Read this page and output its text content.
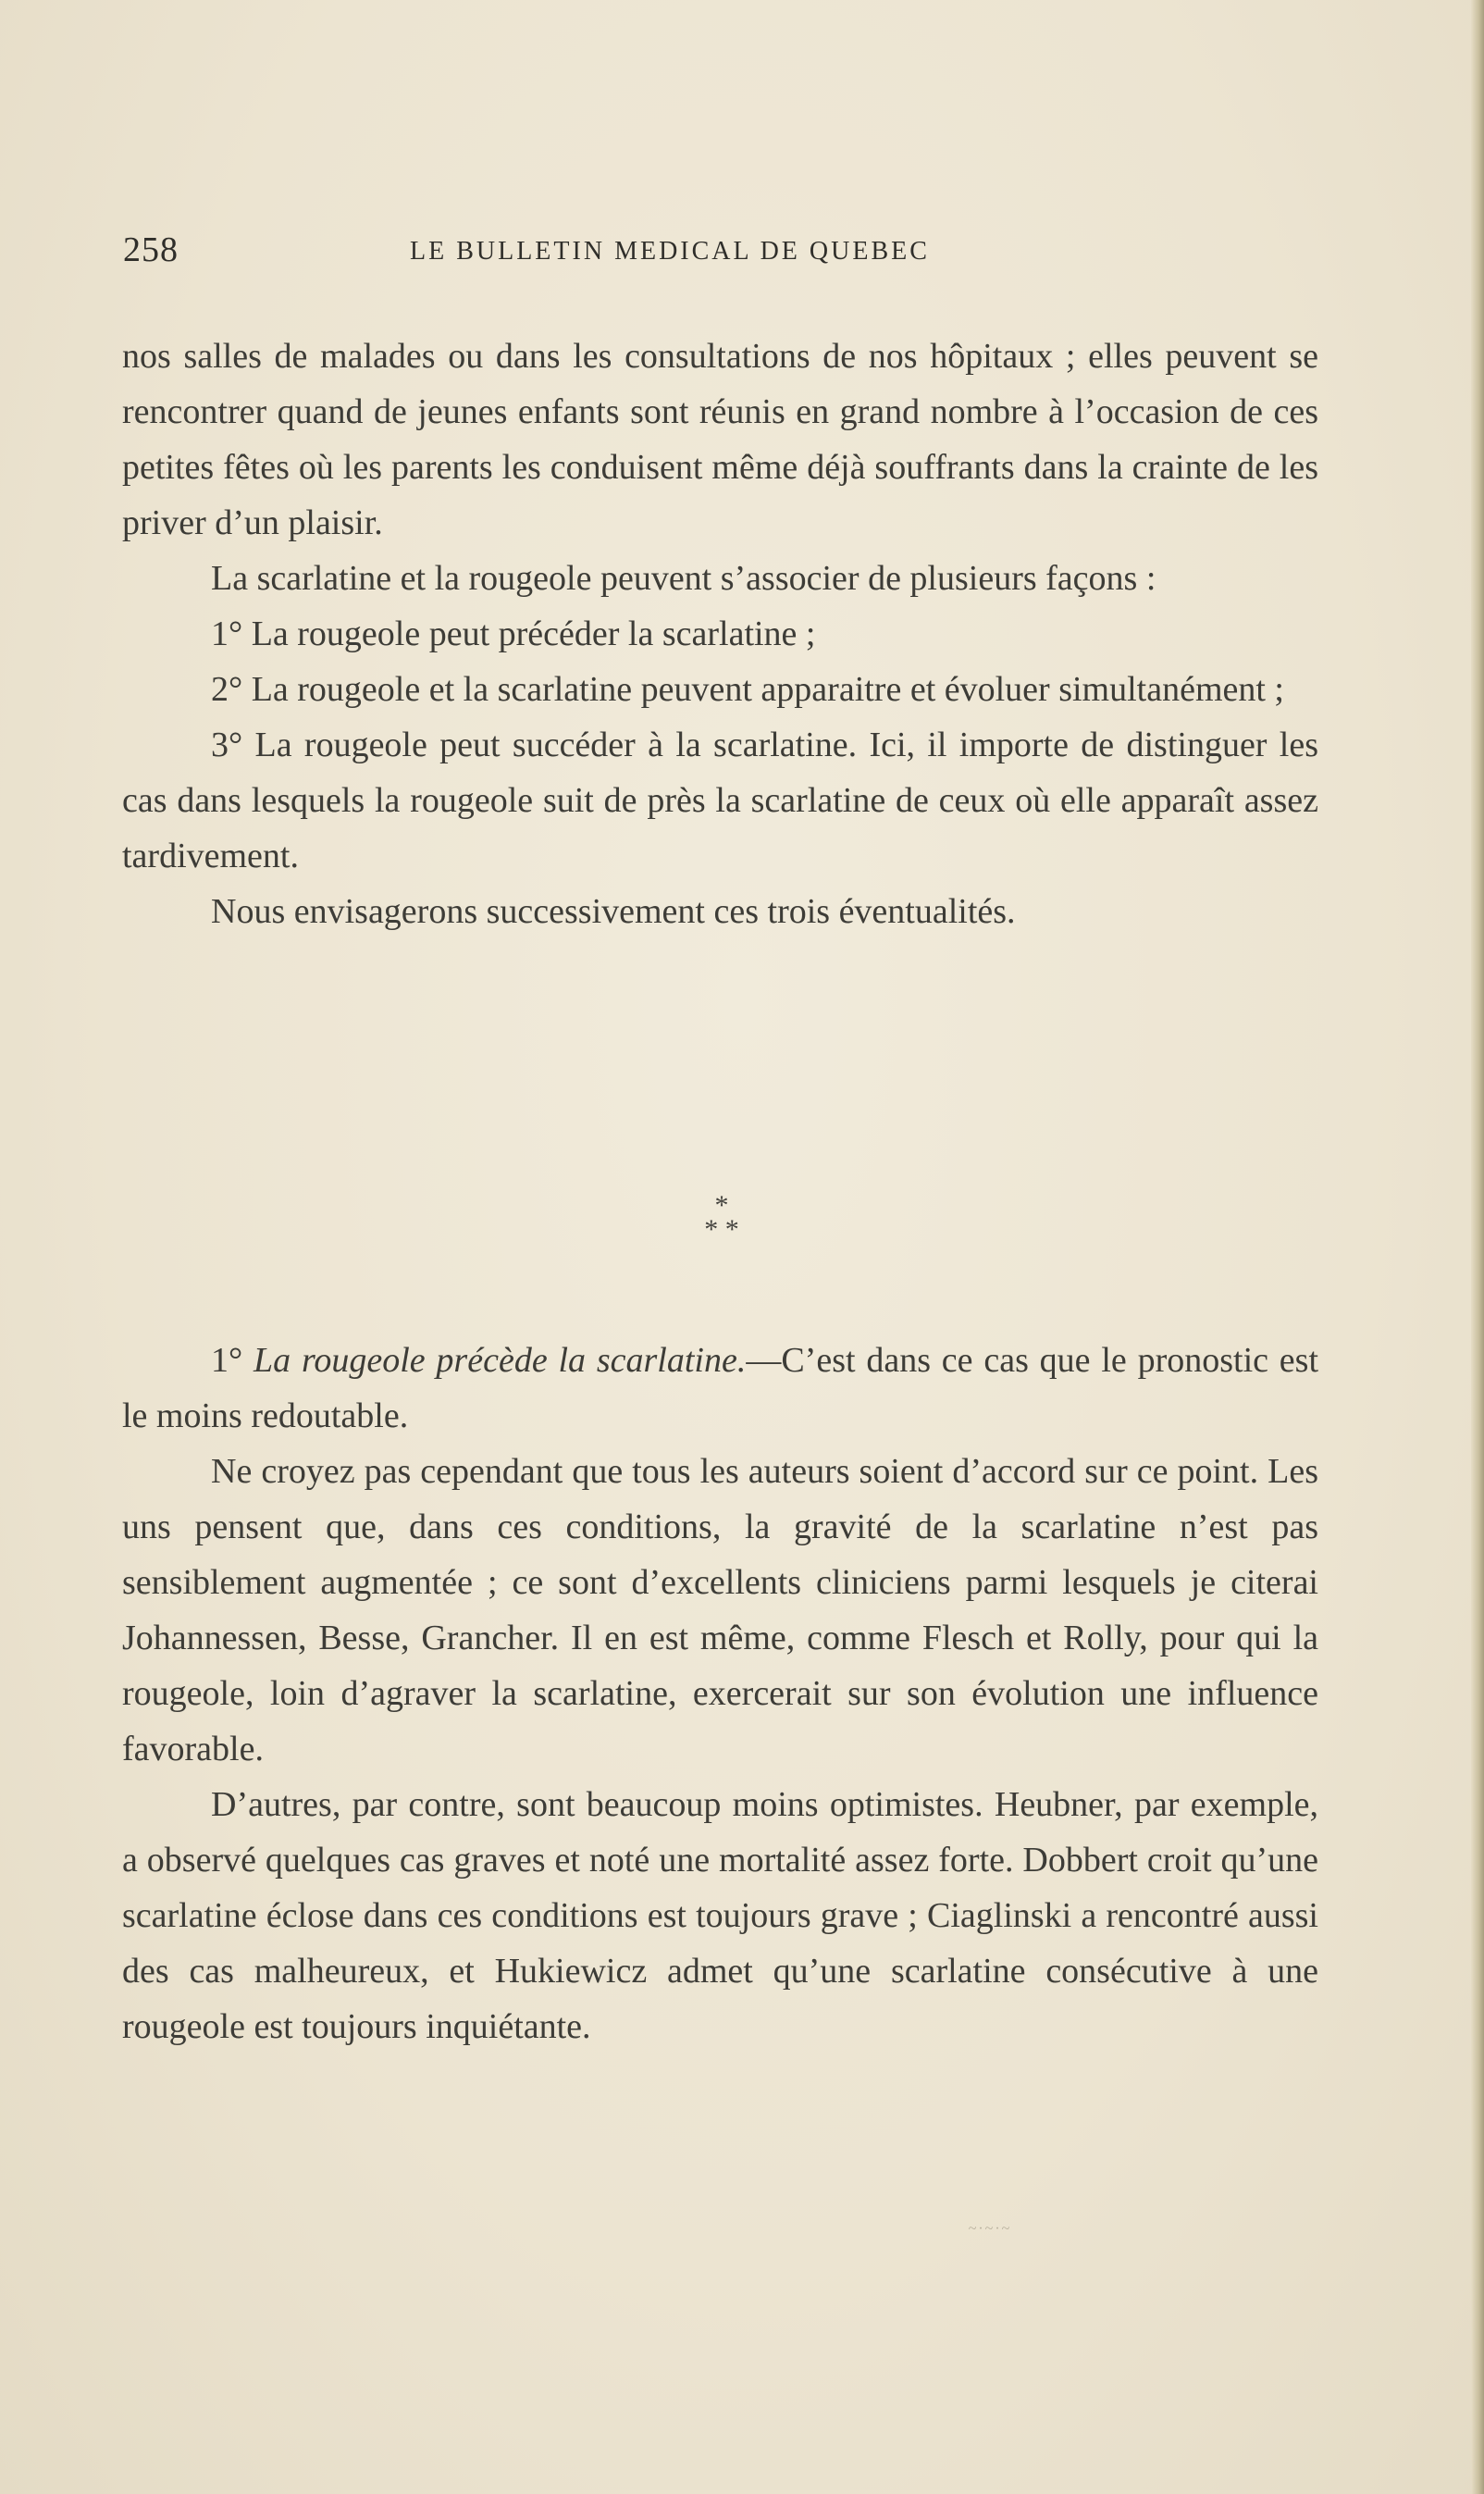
258	LE BULLETIN MEDICAL DE QUEBEC

nos salles de malades ou dans les consultations de nos hôpitaux ; elles peuvent se rencontrer quand de jeunes enfants sont réunis en grand nombre à l’occasion de ces petites fêtes où les parents les conduisent même déjà souffrants dans la crainte de les priver d’un plaisir.

La scarlatine et la rougeole peuvent s’associer de plusieurs façons :

1° La rougeole peut précéder la scarlatine ;

2° La rougeole et la scarlatine peuvent apparaitre et évoluer simultanément ;

3° La rougeole peut succéder à la scarlatine. Ici, il importe de distinguer les cas dans lesquels la rougeole suit de près la scarlatine de ceux où elle apparaît assez tardivement.

Nous envisagerons successivement ces trois éventualités.

*
* *

1° La rougeole précède la scarlatine.—C’est dans ce cas que le pronostic est le moins redoutable.

Ne croyez pas cependant que tous les auteurs soient d’accord sur ce point. Les uns pensent que, dans ces conditions, la gravité de la scarlatine n’est pas sensiblement augmentée ; ce sont d’excellents cliniciens parmi lesquels je citerai Johannessen, Besse, Grancher. Il en est même, comme Flesch et Rolly, pour qui la rougeole, loin d’agraver la scarlatine, exercerait sur son évolution une influence favorable.

D’autres, par contre, sont beaucoup moins optimistes. Heubner, par exemple, a observé quelques cas graves et noté une mortalité assez forte. Dobbert croit qu’une scarlatine éclose dans ces conditions est toujours grave ; Ciaglinski a rencontré aussi des cas malheureux, et Hukiewicz admet qu’une scarlatine consécutive à une rougeole est toujours inquiétante.

~·~·~
